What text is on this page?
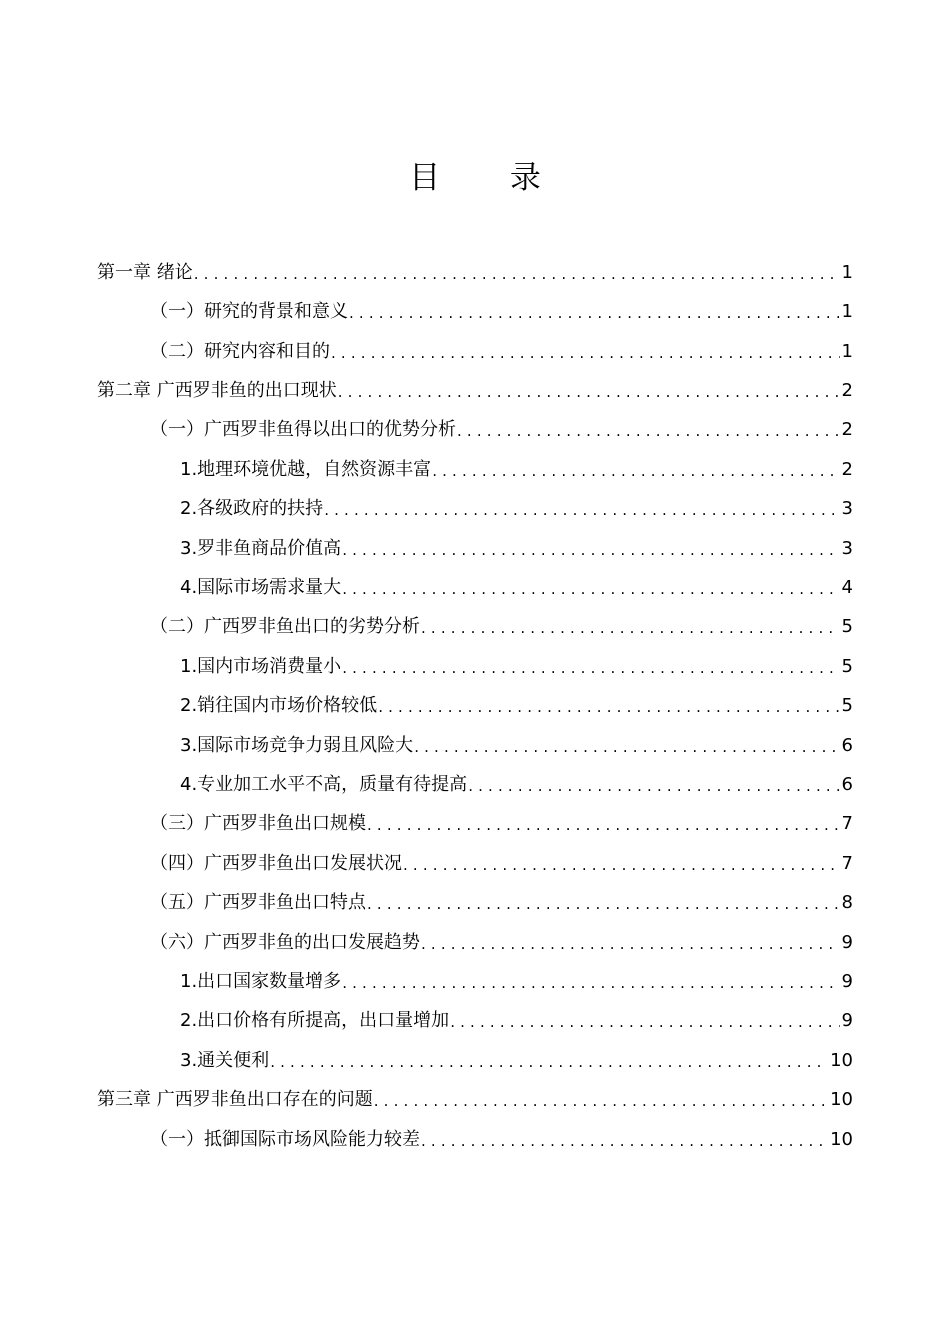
目 录
第一章 绪论 . . .	1
（一）研究的背景和意义 . . .	1
（二）研究内容和目的 . . .	1
第二章 广西罗非鱼的出口现状 . . .	2
（一）广西罗非鱼得以出口的优势分析 . . .	2
1.地理环境优越，自然资源丰富 . . .	2
2.各级政府的扶持 . . .	3
3.罗非鱼商品价值高 . . .	3
4.国际市场需求量大 . . .	4
（二）广西罗非鱼出口的劣势分析 . . .	5
1.国内市场消费量小 . . .	5
2.销往国内市场价格较低 . . .	5
3.国际市场竞争力弱且风险大 . . .	6
4.专业加工水平不高，质量有待提高 . . .	6
（三）广西罗非鱼出口规模 . . .	7
（四）广西罗非鱼出口发展状况 . . .	7
（五）广西罗非鱼出口特点 . . .	8
（六）广西罗非鱼的出口发展趋势 . . .	9
1.出口国家数量增多 . . .	9
2.出口价格有所提高，出口量增加 . . .	9
3.通关便利 . . .	10
第三章 广西罗非鱼出口存在的问题 . . .	10
（一）抵御国际市场风险能力较差 . . .	10
